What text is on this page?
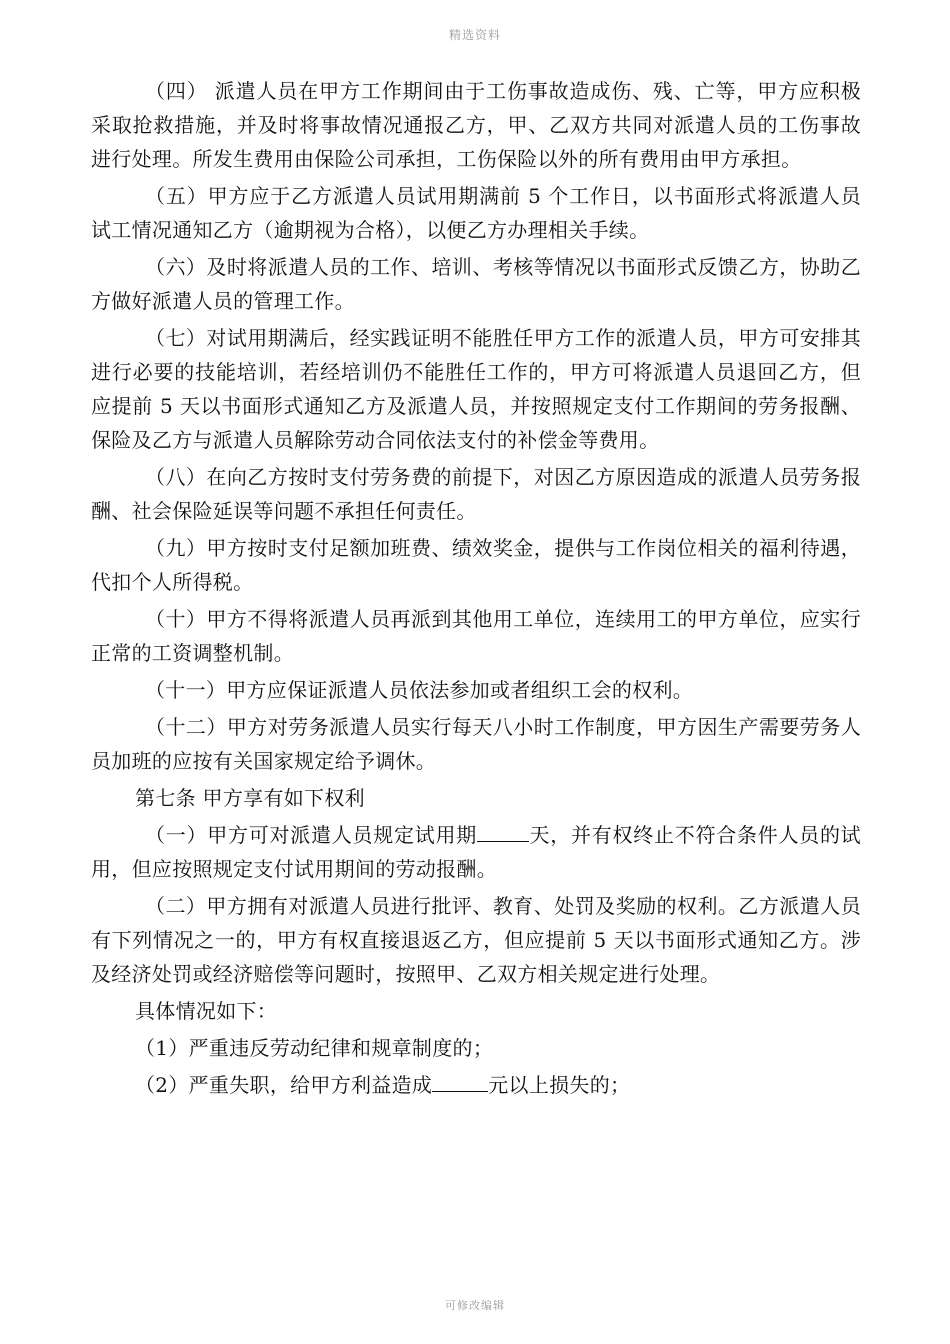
精选资料

（四） 派遣人员在甲方工作期间由于工伤事故造成伤、残、亡等，甲方应积极采取抢救措施，并及时将事故情况通报乙方，甲、乙双方共同对派遣人员的工伤事故进行处理。所发生费用由保险公司承担，工伤保险以外的所有费用由甲方承担。

（五）甲方应于乙方派遣人员试用期满前 5 个工作日，以书面形式将派遣人员试工情况通知乙方（逾期视为合格），以便乙方办理相关手续。

（六）及时将派遣人员的工作、培训、考核等情况以书面形式反馈乙方，协助乙方做好派遣人员的管理工作。

（七）对试用期满后，经实践证明不能胜任甲方工作的派遣人员，甲方可安排其进行必要的技能培训，若经培训仍不能胜任工作的，甲方可将派遣人员退回乙方，但应提前 5 天以书面形式通知乙方及派遣人员，并按照规定支付工作期间的劳务报酬、保险及乙方与派遣人员解除劳动合同依法支付的补偿金等费用。

（八）在向乙方按时支付劳务费的前提下，对因乙方原因造成的派遣人员劳务报酬、社会保险延误等问题不承担任何责任。

（九）甲方按时支付足额加班费、绩效奖金，提供与工作岗位相关的福利待遇，代扣个人所得税。

（十）甲方不得将派遣人员再派到其他用工单位，连续用工的甲方单位，应实行正常的工资调整机制。

（十一）甲方应保证派遣人员依法参加或者组织工会的权利。

（十二）甲方对劳务派遣人员实行每天八小时工作制度，甲方因生产需要劳务人员加班的应按有关国家规定给予调休。

第七条 甲方享有如下权利

（一）甲方可对派遣人员规定试用期	天，并有权终止不符合条件人员的试用，但应按照规定支付试用期间的劳动报酬。

（二）甲方拥有对派遣人员进行批评、教育、处罚及奖励的权利。乙方派遣人员有下列情况之一的，甲方有权直接退返乙方，但应提前 5 天以书面形式通知乙方。涉及经济处罚或经济赔偿等问题时，按照甲、乙双方相关规定进行处理。

具体情况如下：

（1）严重违反劳动纪律和规章制度的；

（2）严重失职，给甲方利益造成	元以上损失的；

可修改编辑
